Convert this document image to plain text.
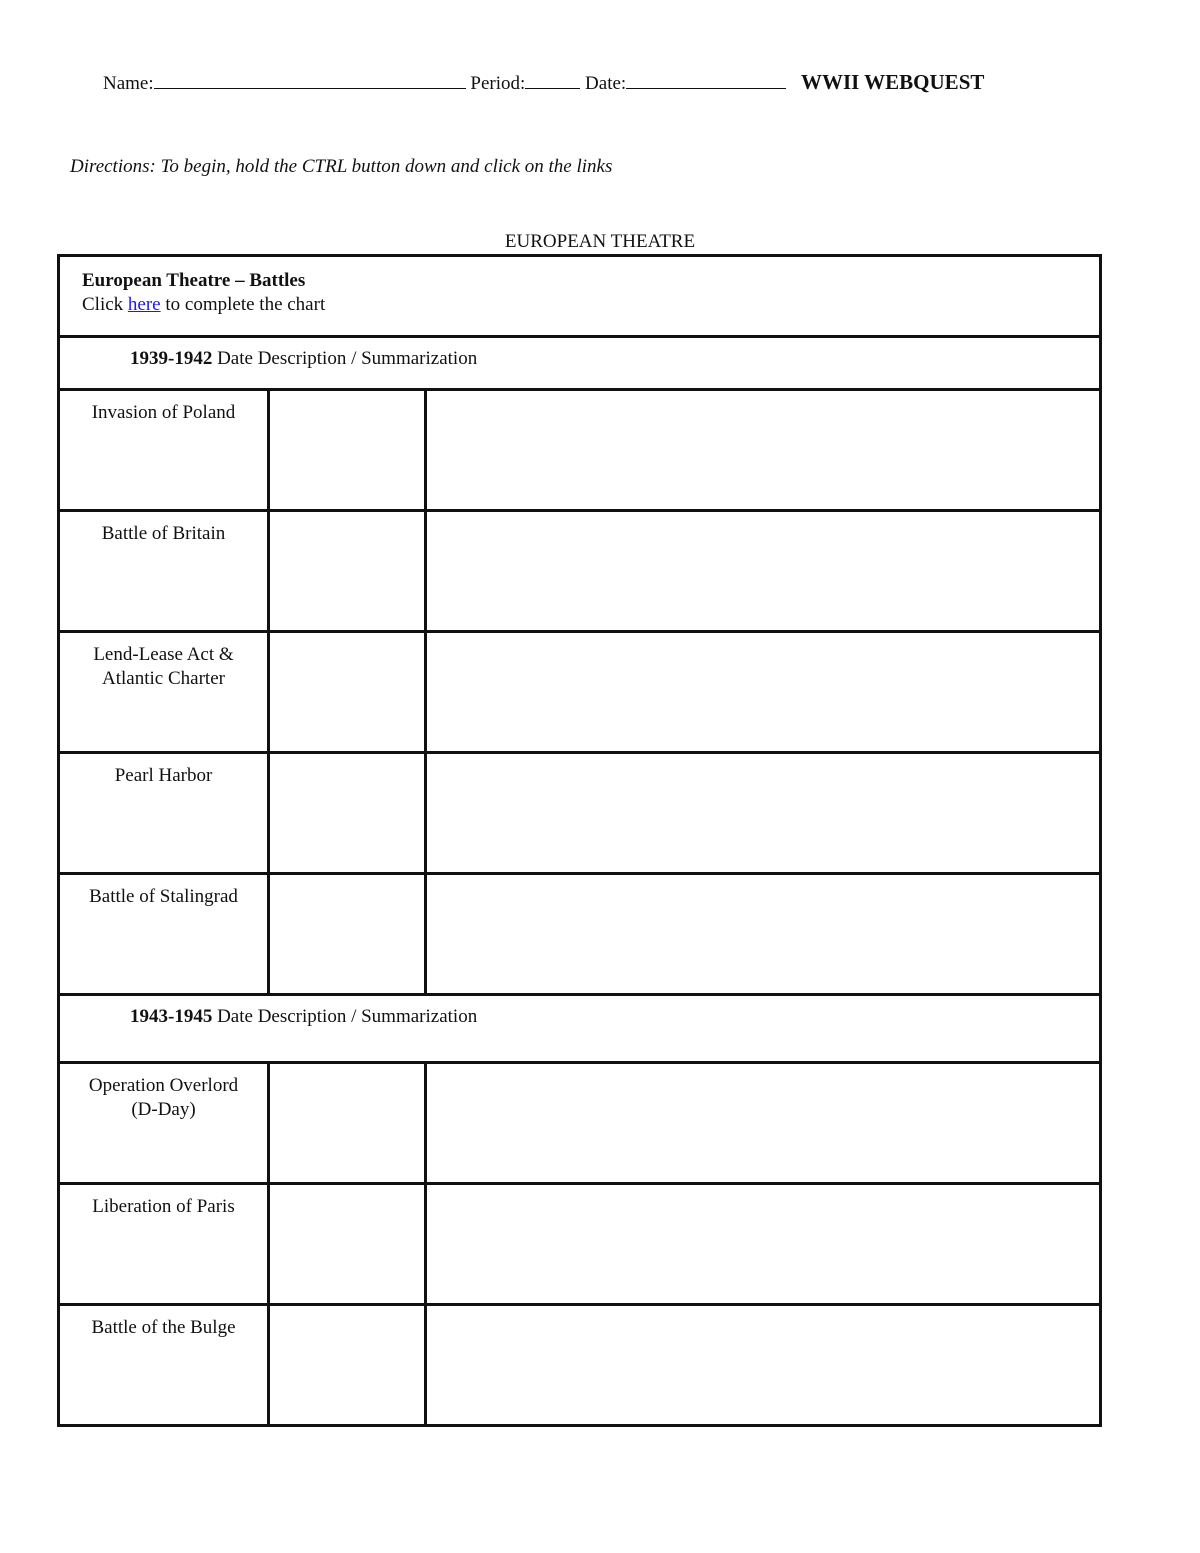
Name:	Period:	Date:	WWII WEBQUEST
Directions: To begin, hold the CTRL button down and click on the links
EUROPEAN THEATRE
European Theatre – Battles
Click here to complete the chart		
1939-1942 Date Description / Summarization		
Invasion of Poland		
Battle of Britain		
Lend-Lease Act & Atlantic Charter		
Pearl Harbor		
Battle of Stalingrad		
1943-1945 Date Description / Summarization		
Operation Overlord (D-Day)		
Liberation of Paris		
Battle of the Bulge		
